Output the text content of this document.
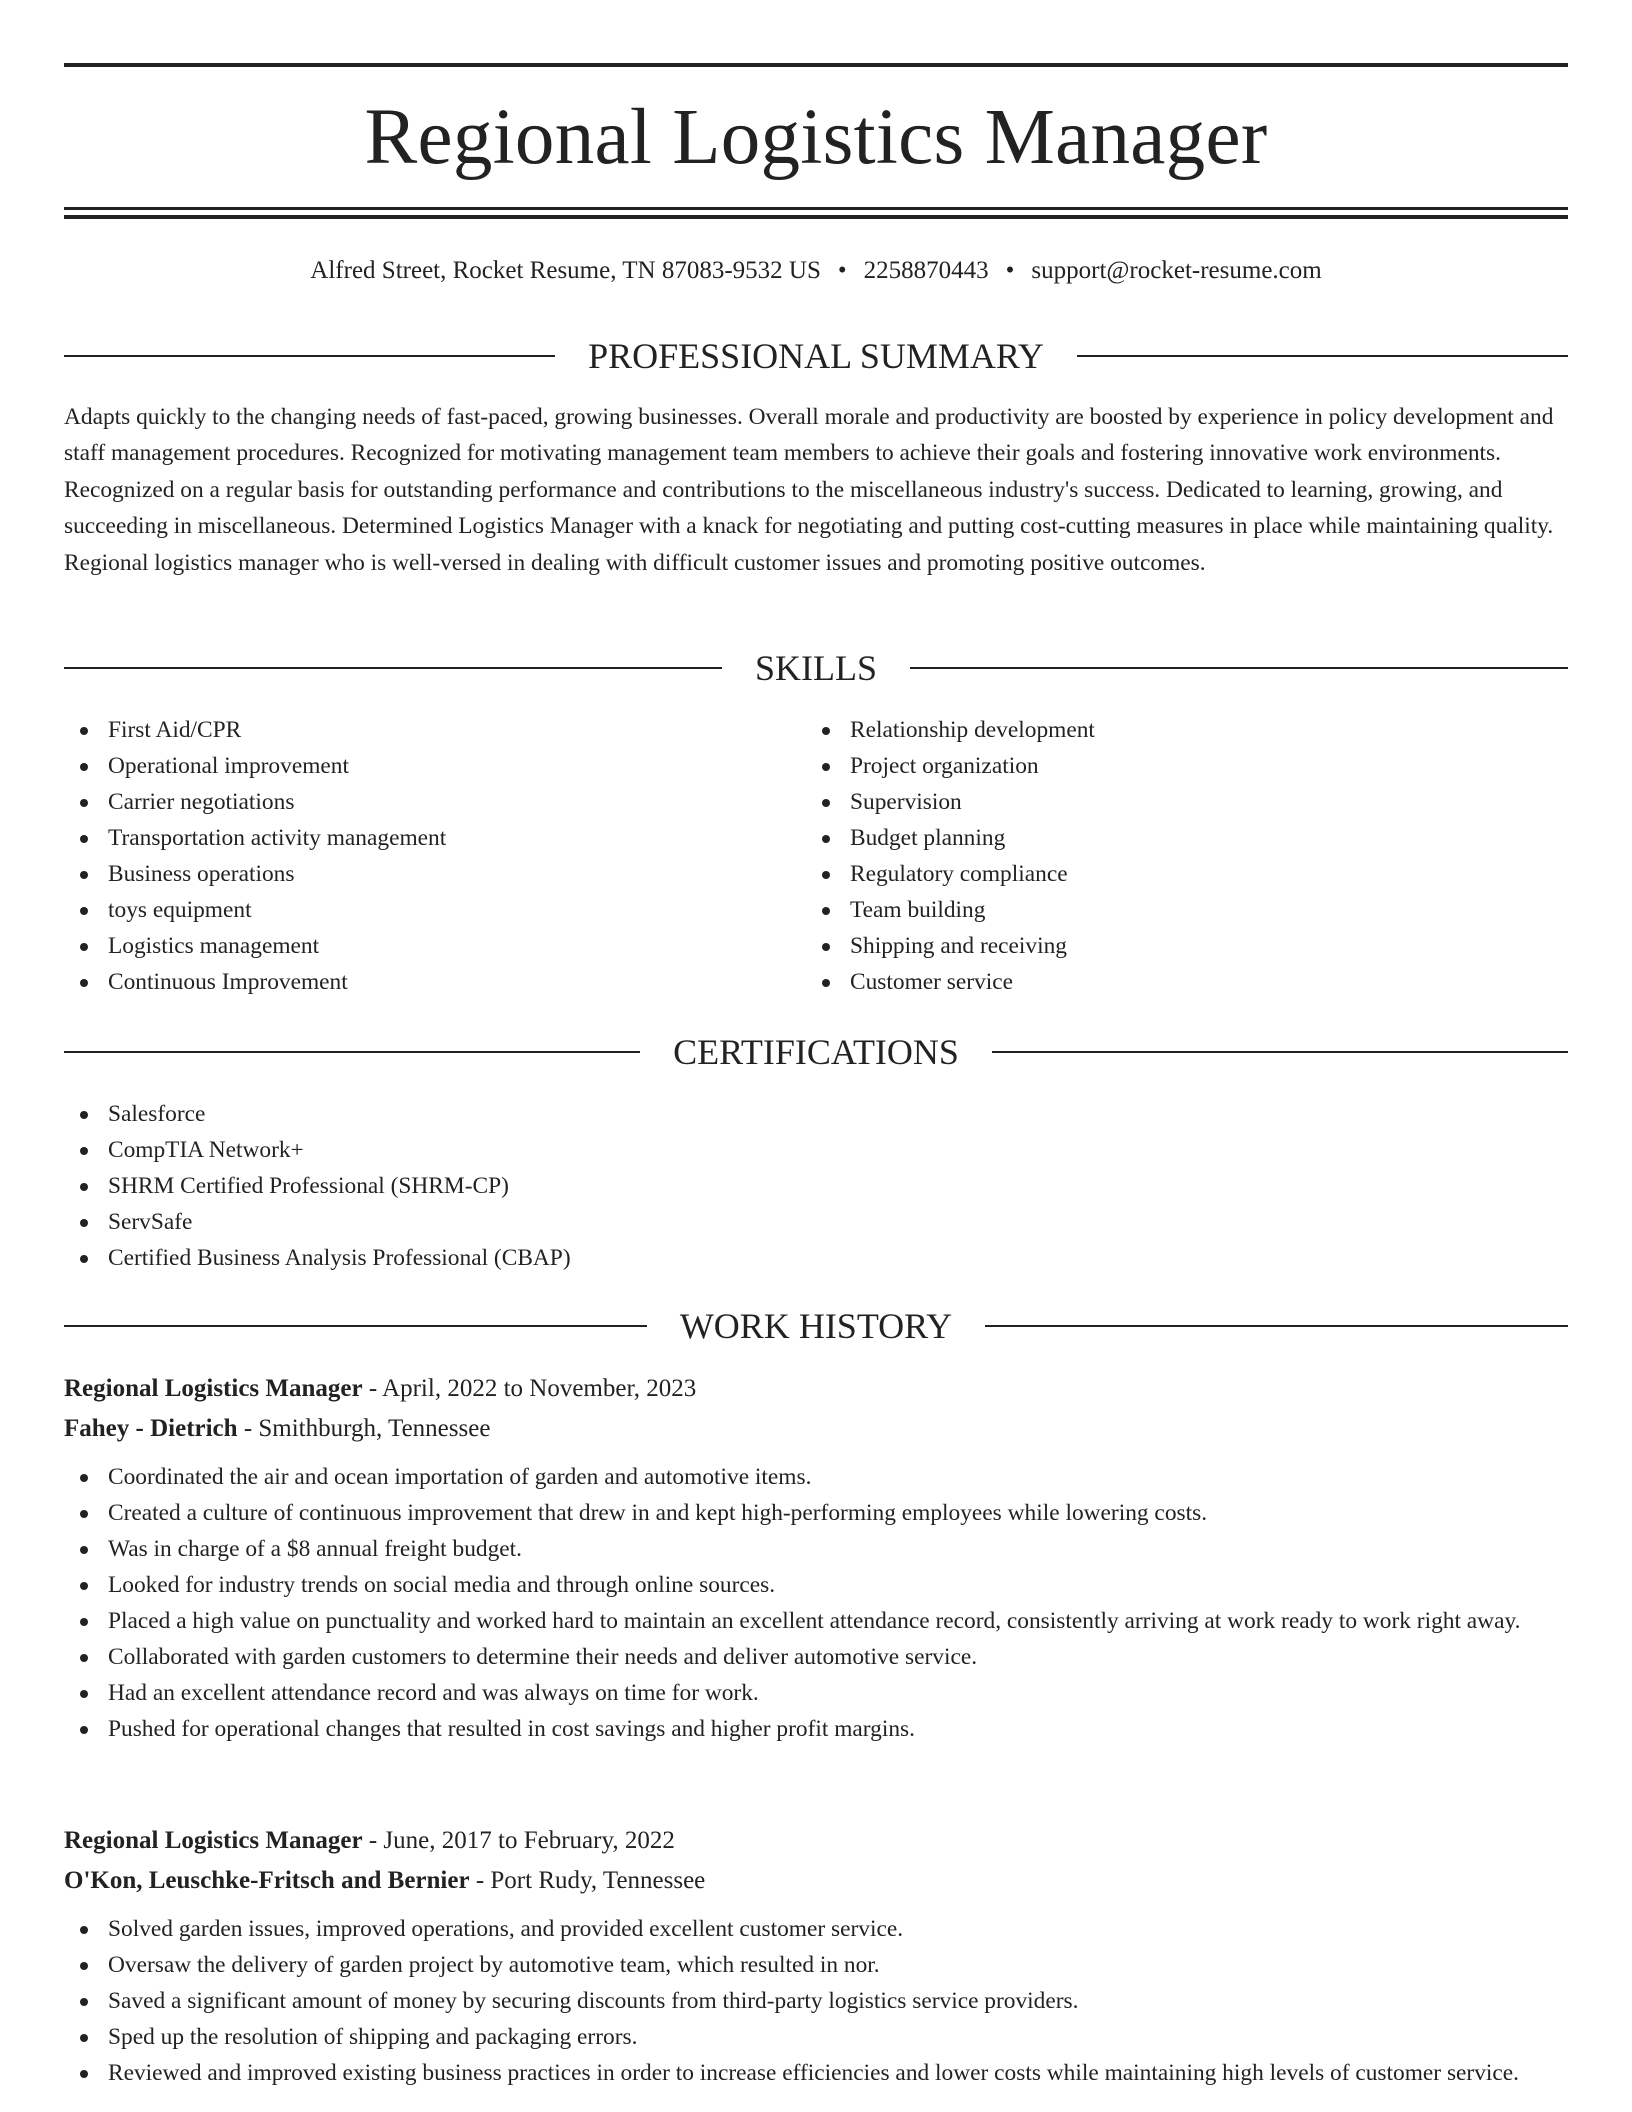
Regional Logistics Manager
Alfred Street, Rocket Resume, TN 87083-9532 US • 2258870443 • support@rocket-resume.com
PROFESSIONAL SUMMARY

Adapts quickly to the changing needs of fast-paced, growing businesses. Overall morale and productivity are boosted by experience in policy development and staff management procedures. Recognized for motivating management team members to achieve their goals and fostering innovative work environments. Recognized on a regular basis for outstanding performance and contributions to the miscellaneous industry's success. Dedicated to learning, growing, and succeeding in miscellaneous. Determined Logistics Manager with a knack for negotiating and putting cost-cutting measures in place while maintaining quality. Regional logistics manager who is well-versed in dealing with difficult customer issues and promoting positive outcomes.

SKILLS
First Aid/CPR
Operational improvement
Carrier negotiations
Transportation activity management
Business operations
toys equipment
Logistics management
Continuous Improvement
Relationship development
Project organization
Supervision
Budget planning
Regulatory compliance
Team building
Shipping and receiving
Customer service
CERTIFICATIONS
Salesforce
CompTIA Network+
SHRM Certified Professional (SHRM-CP)
ServSafe
Certified Business Analysis Professional (CBAP)
WORK HISTORY
Regional Logistics Manager - April, 2022 to November, 2023
Fahey - Dietrich - Smithburgh, Tennessee
Coordinated the air and ocean importation of garden and automotive items.
Created a culture of continuous improvement that drew in and kept high-performing employees while lowering costs.
Was in charge of a $8 annual freight budget.
Looked for industry trends on social media and through online sources.
Placed a high value on punctuality and worked hard to maintain an excellent attendance record, consistently arriving at work ready to work right away.
Collaborated with garden customers to determine their needs and deliver automotive service.
Had an excellent attendance record and was always on time for work.
Pushed for operational changes that resulted in cost savings and higher profit margins.
Regional Logistics Manager - June, 2017 to February, 2022
O'Kon, Leuschke-Fritsch and Bernier - Port Rudy, Tennessee
Solved garden issues, improved operations, and provided excellent customer service.
Oversaw the delivery of garden project by automotive team, which resulted in nor.
Saved a significant amount of money by securing discounts from third-party logistics service providers.
Sped up the resolution of shipping and packaging errors.
Reviewed and improved existing business practices in order to increase efficiencies and lower costs while maintaining high levels of customer service.
